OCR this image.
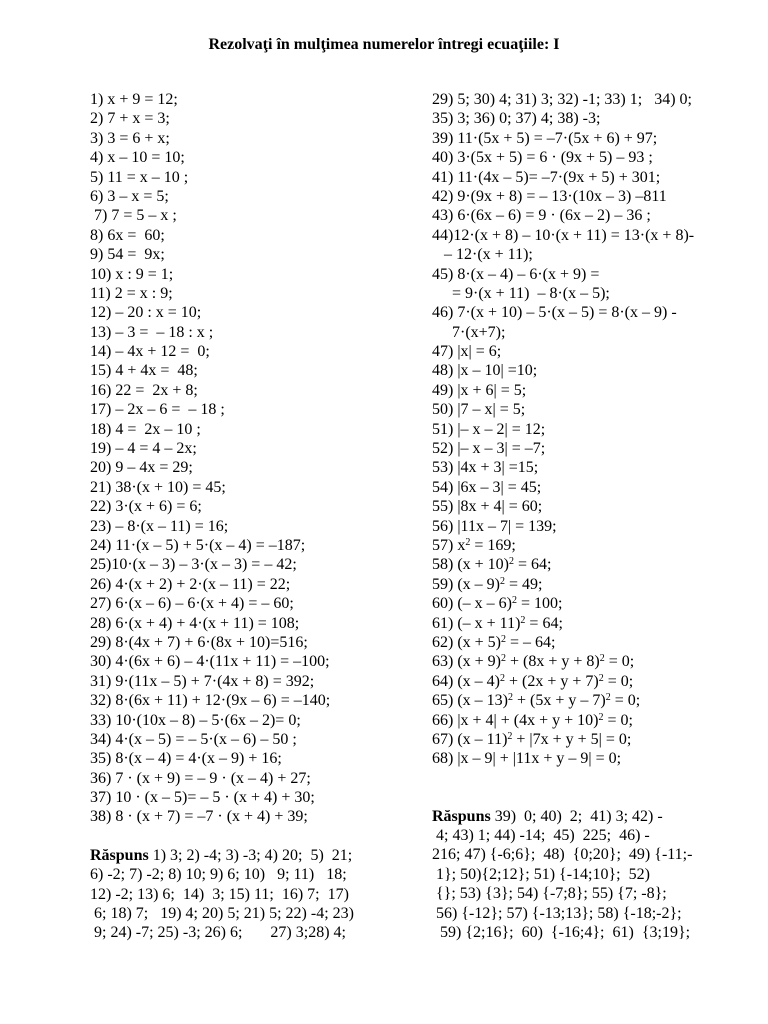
Rezolvaţi în mulţimea numerelor întregi ecuaţiile: I
1) x + 9 = 12;
2) 7 + x = 3;
3) 3 = 6 + x;
4) x – 10 = 10;
5) 11 = x – 10 ;
6) 3 – x = 5;
7) 7 = 5 – x ;
8) 6x =  60;
9) 54 =  9x;
10) x : 9 = 1;
11) 2 = x : 9;
12) – 20 : x = 10;
13) – 3 =  – 18 : x ;
14) – 4x + 12 =  0;
15) 4 + 4x =  48;
16) 22 =  2x + 8;
17) – 2x – 6 =  – 18 ;
18) 4 =  2x – 10 ;
19) – 4 = 4 – 2x;
20) 9 – 4x = 29;
21) 38·(x + 10) = 45;
22) 3·(x + 6) = 6;
23) – 8·(x – 11) = 16;
24) 11·(x – 5) + 5·(x – 4) = –187;
25)10·(x – 3) – 3·(x – 3) = – 42;
26) 4·(x + 2) + 2·(x – 11) = 22;
27) 6·(x – 6) – 6·(x + 4) = – 60;
28) 6·(x + 4) + 4·(x + 11) = 108;
29) 8·(4x + 7) + 6·(8x + 10)=516;
30) 4·(6x + 6) – 4·(11x + 11) = –100;
31) 9·(11x – 5) + 7·(4x + 8) = 392;
32) 8·(6x + 11) + 12·(9x – 6) = –140;
33) 10·(10x – 8) – 5·(6x – 2)= 0;
34) 4·(x – 5) = – 5·(x – 6) – 50 ;
35) 8·(x – 4) = 4·(x – 9) + 16;
36) 7 · (x + 9) = – 9 · (x – 4) + 27;
37) 10 · (x – 5)= – 5 · (x + 4) + 30;
38) 8 · (x + 7) = –7 · (x + 4) + 39;
Răspuns 1) 3; 2) -4; 3) -3; 4) 20;  5)  21;
6) -2; 7) -2; 8) 10; 9) 6; 10)   9; 11)   18;
12) -2; 13) 6;  14)  3; 15) 11;  16) 7;  17)
6; 18) 7;   19) 4; 20) 5; 21) 5; 22) -4; 23)
9; 24) -7; 25) -3; 26) 6;       27) 3;28) 4;
29) 5; 30) 4; 31) 3; 32) -1; 33) 1;   34) 0;
35) 3; 36) 0; 37) 4; 38) -3;
39) 11·(5x + 5) = –7·(5x + 6) + 97;
40) 3·(5x + 5) = 6 · (9x + 5) – 93 ;
41) 11·(4x – 5)= –7·(9x + 5) + 301;
42) 9·(9x + 8) = – 13·(10x – 3) –811
43) 6·(6x – 6) = 9 · (6x – 2) – 36 ;
44)12·(x + 8) – 10·(x + 11) = 13·(x + 8)-
– 12·(x + 11);
45) 8·(x – 4) – 6·(x + 9) =
= 9·(x + 11)  – 8·(x – 5);
46) 7·(x + 10) – 5·(x – 5) = 8·(x – 9) -
7·(x+7);
47) |x| = 6;
48) |x – 10| =10;
49) |x + 6| = 5;
50) |7 – x| = 5;
51) |– x – 2| = 12;
52) |– x – 3| = –7;
53) |4x + 3| =15;
54) |6x – 3| = 45;
55) |8x + 4| = 60;
56) |11x – 7| = 139;
57) $x^2 = 169$;
58) $(x + 10)^2 = 64$;
59) (x – 9)$^2$ = 49;
60) (– x – 6)$^2$ = 100;
61) (– x + 11)$^2$ = 64;
62) $(x + 5)^2$ = – 64;
63) $(x + 9)^2 + (8x + y + 8)^2 = 0$;
64) $(x - 4)^2 + (2x + y + 7)^2 = 0$;
65) $(x - 13)^2 + (5x + y - 7)^2 = 0$;
66) $|x + 4| + (4x + y + 10)^2 = 0$;
67) (x – 11)$^2$ + |7x + y + 5| = 0;
68) |x – 9| + |11x + y – 9| = 0;
Răspuns 39)  0; 40)  2;  41) 3; 42) -
4; 43) 1; 44) -14;  45)  225;  46) -
216; 47) {-6;6};  48)  {0;20};  49) {-11;-
1}; 50){2;12}; 51) {-14;10};  52)
{}; 53) {3}; 54) {-7;8}; 55) {7; -8};
56) {-12}; 57) {-13;13}; 58) {-18;-2};
59) {2;16};  60)  {-16;4};  61)  {3;19};
